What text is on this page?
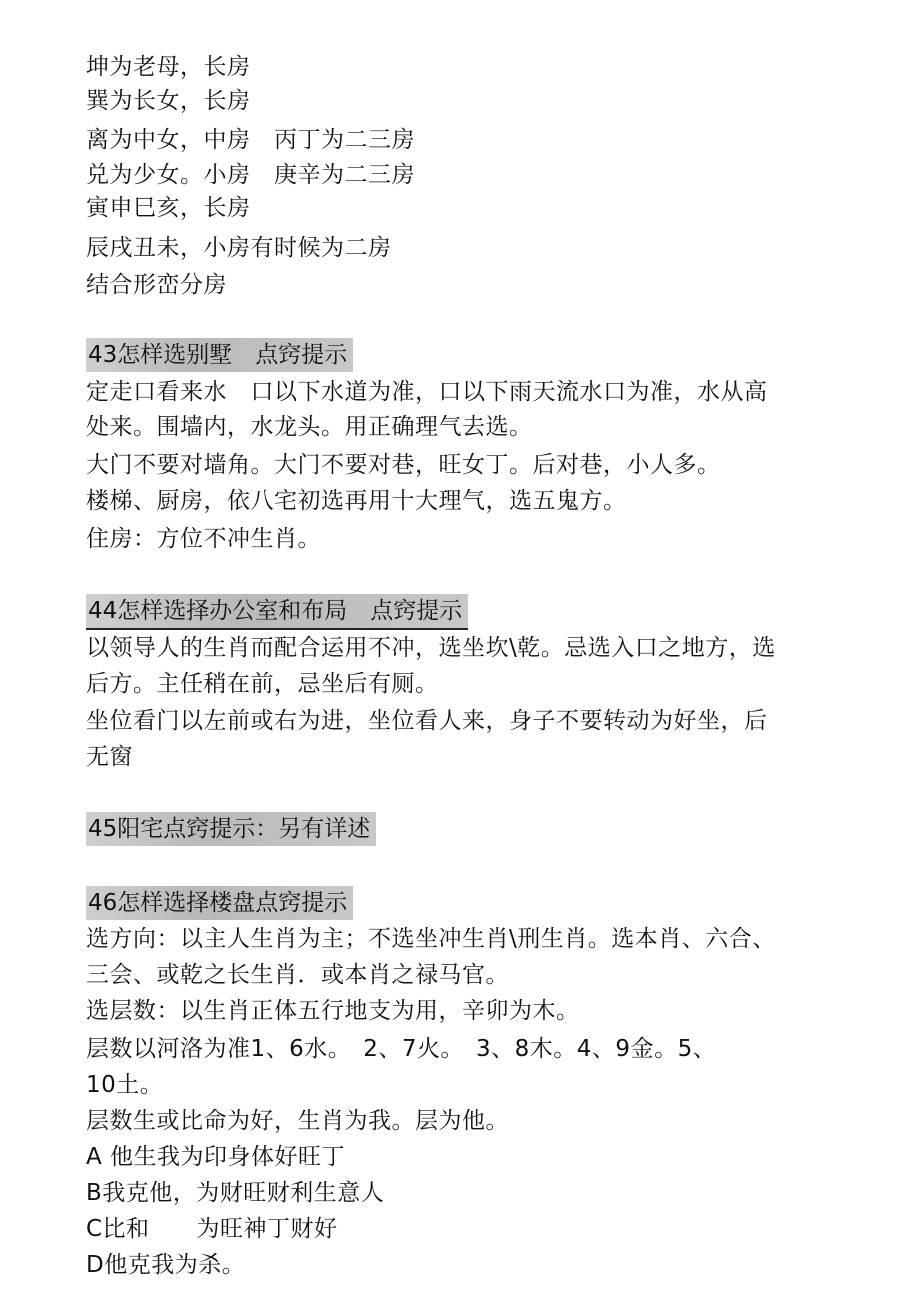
坤为老母，长房
巽为长女，长房
离为中女，中房　丙丁为二三房
兑为少女。小房　庚辛为二三房
寅申巳亥，长房
辰戌丑未，小房有时候为二房
结合形峦分房
43怎样选别墅　点窍提示
定走口看来水　口以下水道为准，口以下雨天流水口为准，水从高
处来。围墙内，水龙头。用正确理气去选。
大门不要对墙角。大门不要对巷，旺女丁。后对巷，小人多。
楼梯、厨房，依八宅初选再用十大理气，选五鬼方。
住房：方位不冲生肖。
44怎样选择办公室和布局　点窍提示
以领导人的生肖而配合运用不冲，选坐坎\乾。忌选入口之地方，选
后方。主任稍在前，忌坐后有厕。
坐位看门以左前或右为进，坐位看人来，身子不要转动为好坐，后
无窗
45阳宅点窍提示：另有详述
46怎样选择楼盘点窍提示
选方向：以主人生肖为主；不选坐冲生肖\刑生肖。选本肖、六合、
三会、或乾之长生肖．或本肖之禄马官。
选层数：以生肖正体五行地支为用，辛卯为木。
层数以河洛为准1、6水。　2、7火。　3、8木。4、9金。5、
10土。
层数生或比命为好，生肖为我。层为他。
A 他生我为印身体好旺丁
B我克他，为财旺财利生意人
C比和　　为旺神丁财好
D他克我为杀。
